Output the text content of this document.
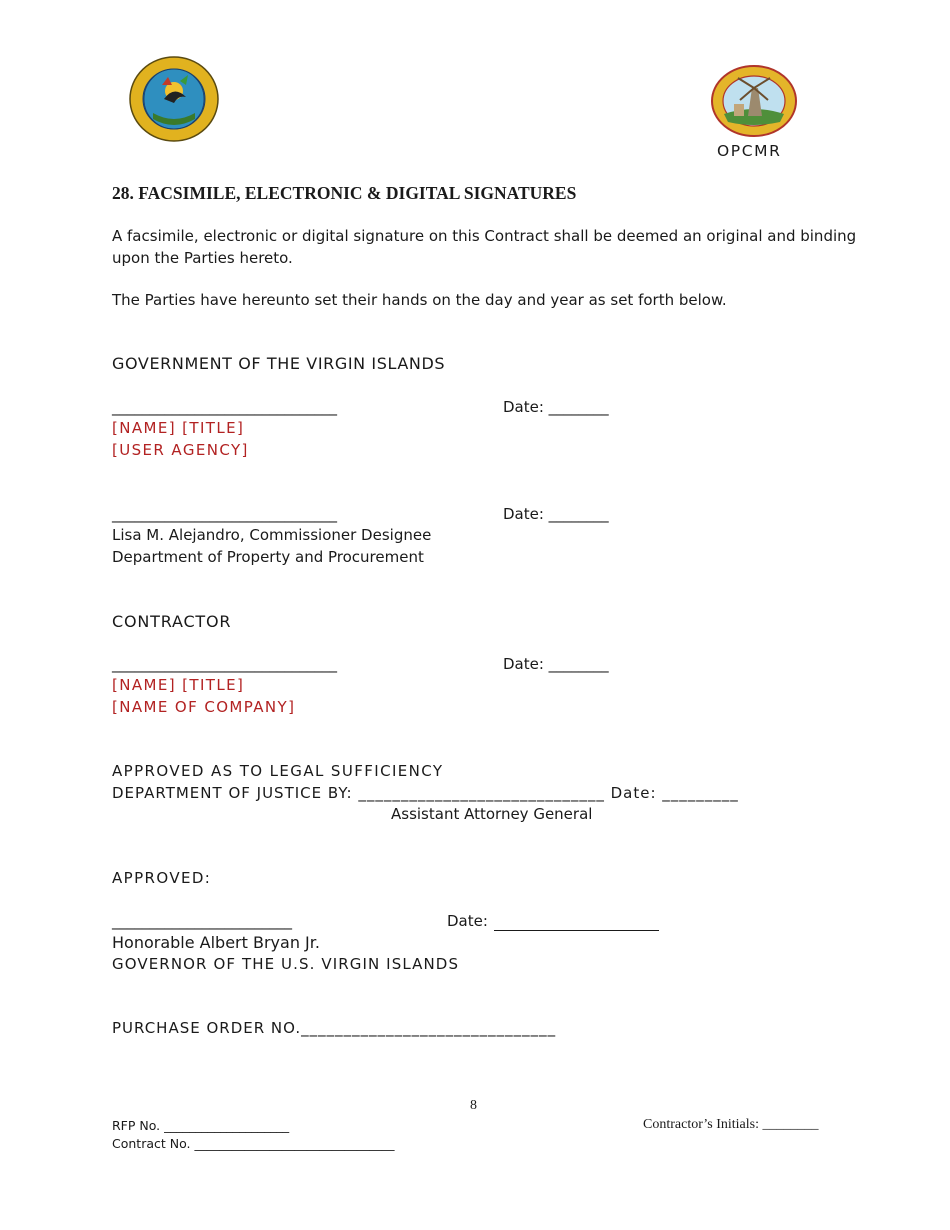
OPCMR
28. FACSIMILE, ELECTRONIC & DIGITAL SIGNATURES
A facsimile, electronic or digital signature on this Contract shall be deemed an original and binding
upon the Parties hereto.
The Parties have hereunto set their hands on the day and year as set forth below.
GOVERNMENT OF THE VIRGIN ISLANDS
______________________________	Date: ________
[NAME] [TITLE]
[USER AGENCY]
______________________________	Date: ________
Lisa M. Alejandro, Commissioner Designee
Department of Property and Procurement
CONTRACTOR
______________________________	Date: ________
[NAME] [TITLE]
[NAME OF COMPANY]
APPROVED AS TO LEGAL SUFFICIENCY
DEPARTMENT OF JUSTICE BY: _____________________________ Date: _________
Assistant Attorney General
APPROVED:
________________________	Date:
Honorable Albert Bryan Jr.
GOVERNOR OF THE U.S. VIRGIN ISLANDS
PURCHASE ORDER NO.______________________________
8
RFP No. ____________________	Contractor’s Initials: ________
Contract No. ________________________________
